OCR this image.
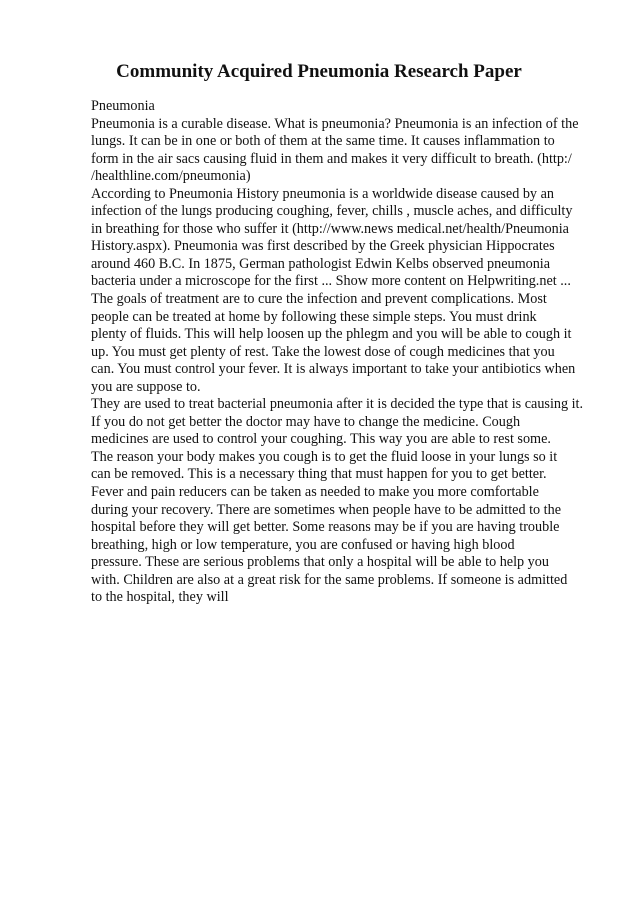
Community Acquired Pneumonia Research Paper
Pneumonia
Pneumonia is a curable disease. What is pneumonia? Pneumonia is an infection of the
lungs. It can be in one or both of them at the same time. It causes inflammation to
form in the air sacs causing fluid in them and makes it very difficult to breath. (http:/
/healthline.com/pneumonia)
According to Pneumonia History pneumonia is a worldwide disease caused by an
infection of the lungs producing coughing, fever, chills , muscle aches, and difficulty
in breathing for those who suffer it (http://www.news medical.net/health/Pneumonia
History.aspx). Pneumonia was first described by the Greek physician Hippocrates
around 460 B.C. In 1875, German pathologist Edwin Kelbs observed pneumonia
bacteria under a microscope for the first ... Show more content on Helpwriting.net ...
The goals of treatment are to cure the infection and prevent complications. Most
people can be treated at home by following these simple steps. You must drink
plenty of fluids. This will help loosen up the phlegm and you will be able to cough it
up. You must get plenty of rest. Take the lowest dose of cough medicines that you
can. You must control your fever. It is always important to take your antibiotics when
you are suppose to.
They are used to treat bacterial pneumonia after it is decided the type that is causing it.
If you do not get better the doctor may have to change the medicine. Cough
medicines are used to control your coughing. This way you are able to rest some.
The reason your body makes you cough is to get the fluid loose in your lungs so it
can be removed. This is a necessary thing that must happen for you to get better.
Fever and pain reducers can be taken as needed to make you more comfortable
during your recovery. There are sometimes when people have to be admitted to the
hospital before they will get better. Some reasons may be if you are having trouble
breathing, high or low temperature, you are confused or having high blood
pressure. These are serious problems that only a hospital will be able to help you
with. Children are also at a great risk for the same problems. If someone is admitted
to the hospital, they will
